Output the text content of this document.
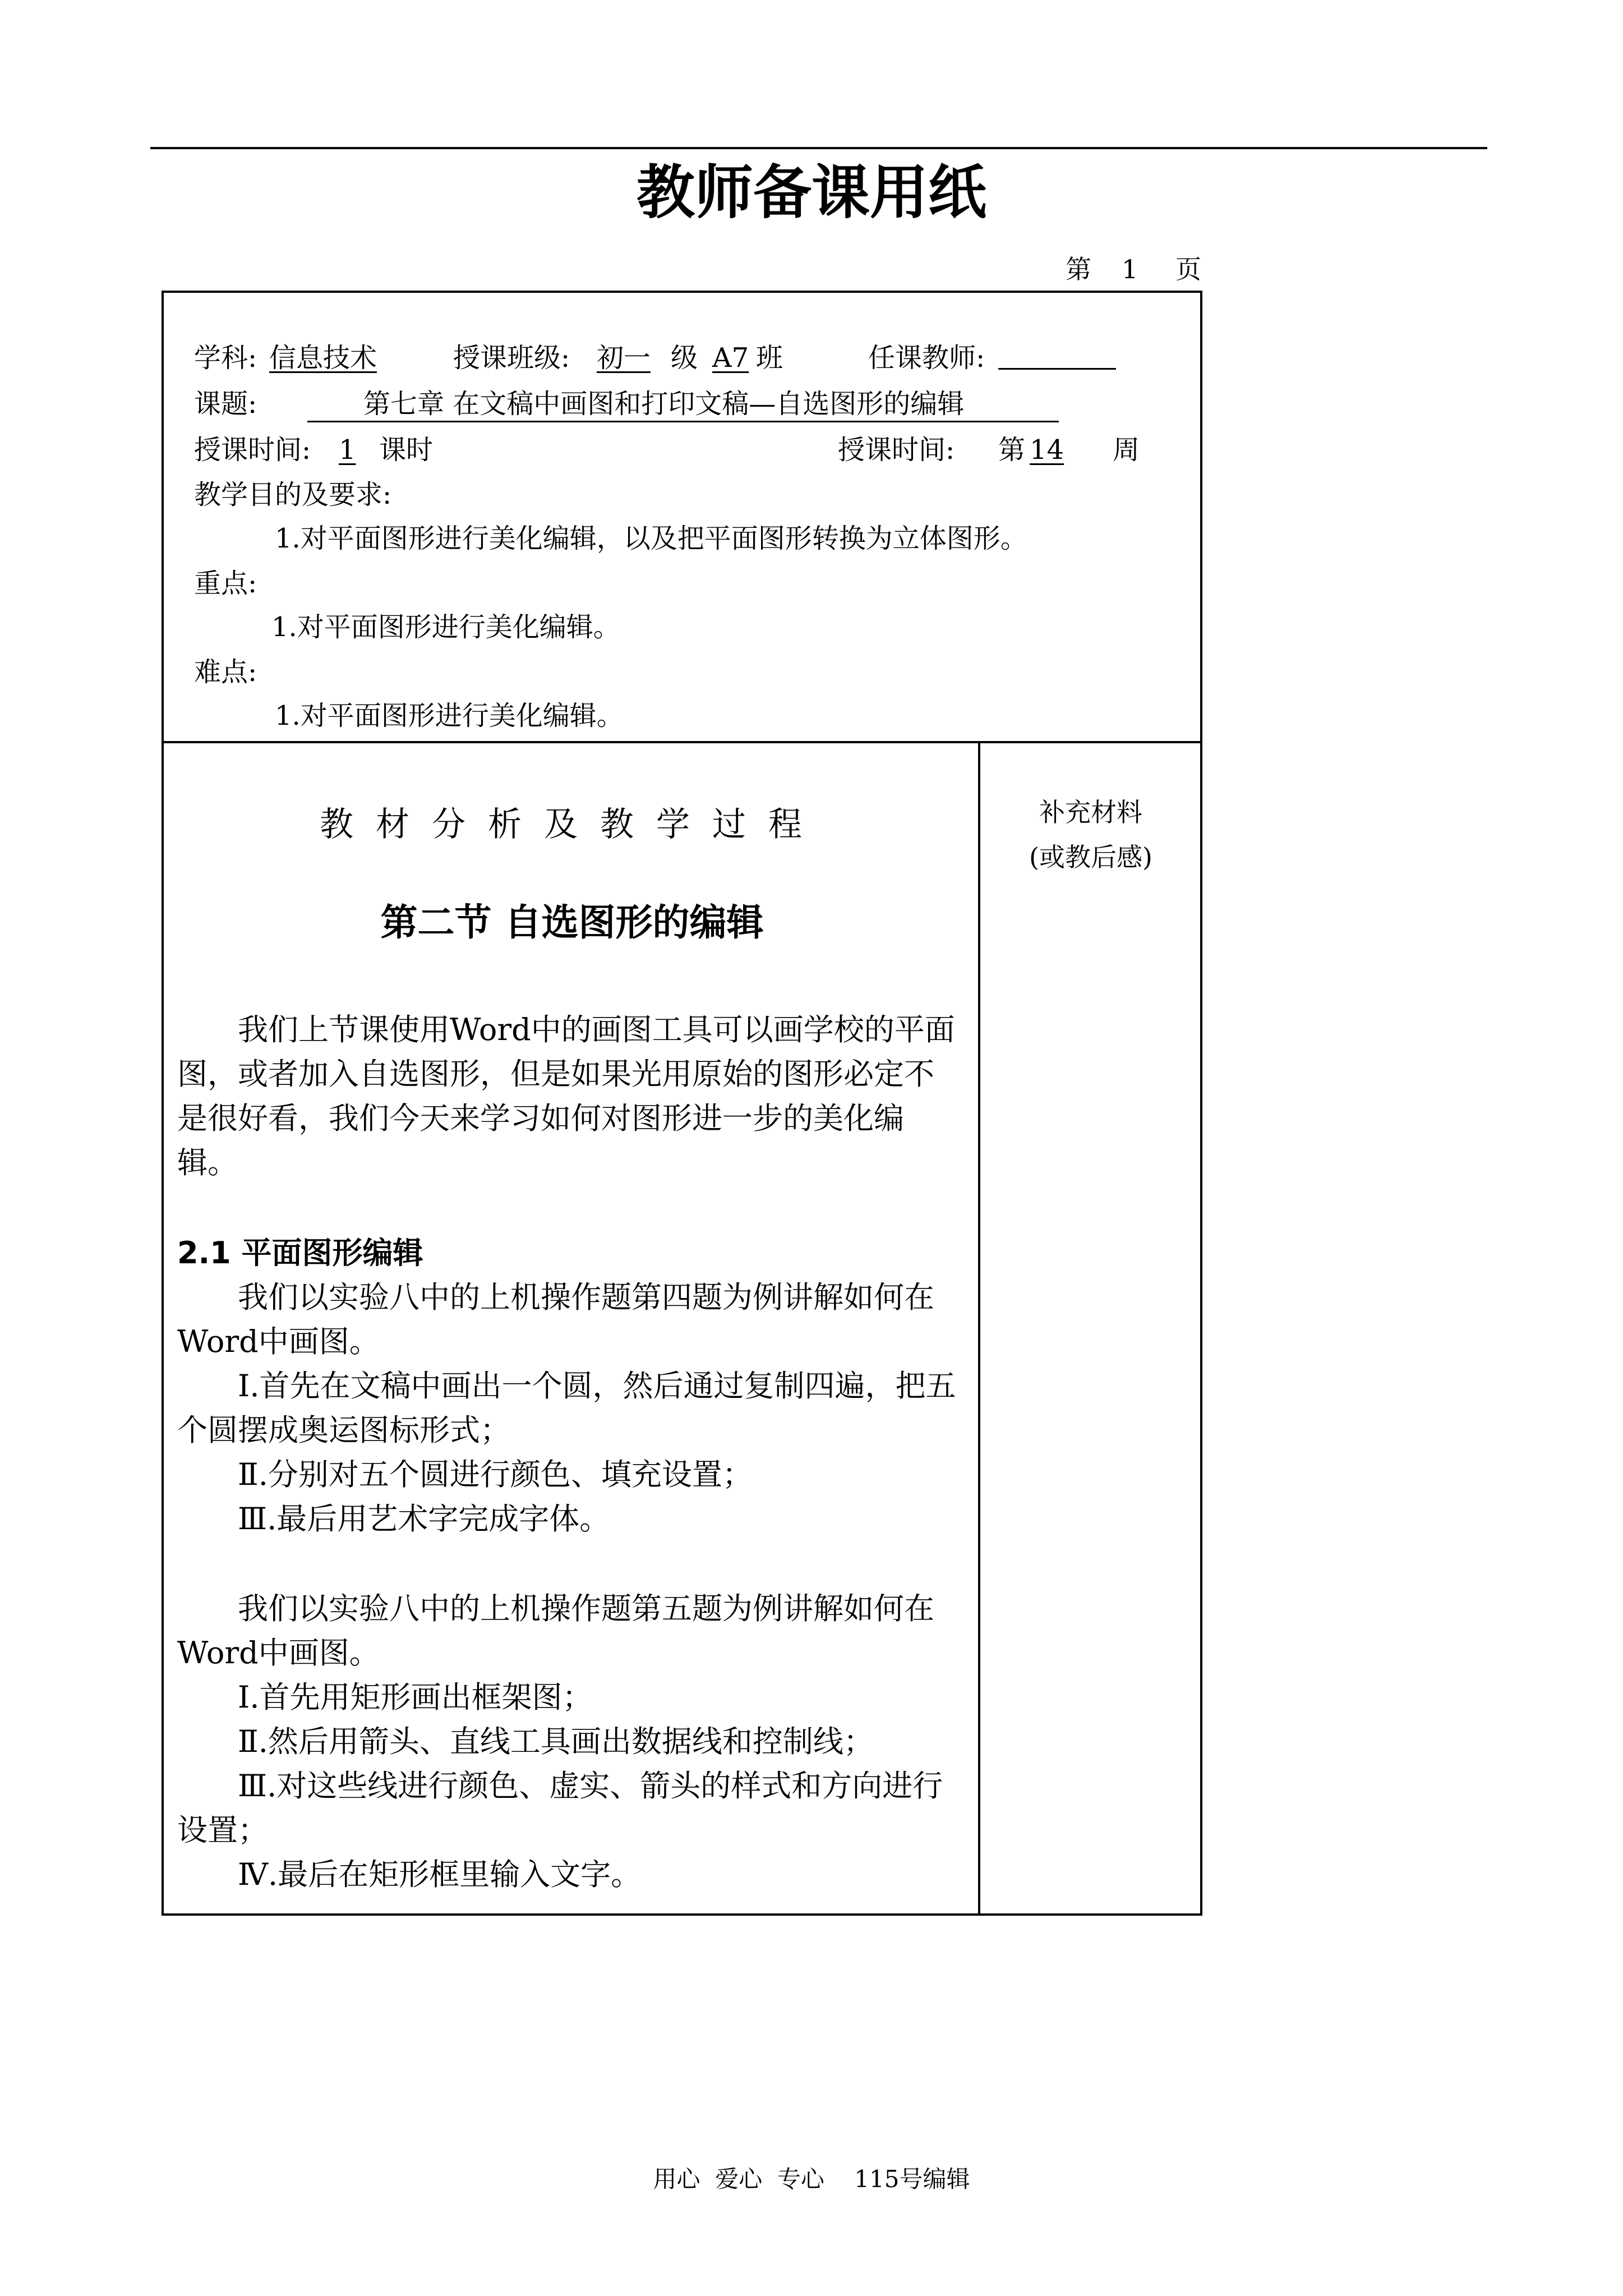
教师备课用纸

第

1

页

学科: 信息技术	授课班级: 初一 级 A7 班	任课教师:
课题:	第七章 在文稿中画图和打印文稿—自选图形的编辑
授课时间: 1 课时	授课时间: 第 14 周
教学目的及要求:
1.对平面图形进行美化编辑，以及把平面图形转换为立体图形。
重点:
1.对平面图形进行美化编辑。
难点:
1.对平面图形进行美化编辑。
补充材料
(或教后感)
教材分析及教学过程
第二节 自选图形的编辑

我们上节课使用Word中的画图工具可以画学校的平面图，或者加入自选图形，但是如果光用原始的图形必定不是很好看，我们今天来学习如何对图形进一步的美化编辑。

2.1 平面图形编辑

我们以实验八中的上机操作题第四题为例讲解如何在Word中画图。

Ⅰ.首先在文稿中画出一个圆，然后通过复制四遍，把五个圆摆成奥运图标形式；

Ⅱ.分别对五个圆进行颜色、填充设置；

Ⅲ.最后用艺术字完成字体。

我们以实验八中的上机操作题第五题为例讲解如何在Word中画图。

Ⅰ.首先用矩形画出框架图；

Ⅱ.然后用箭头、直线工具画出数据线和控制线；

Ⅲ.对这些线进行颜色、虚实、箭头的样式和方向进行设置；

Ⅳ.最后在矩形框里输入文字。

用心  爱心  专心    115号编辑
